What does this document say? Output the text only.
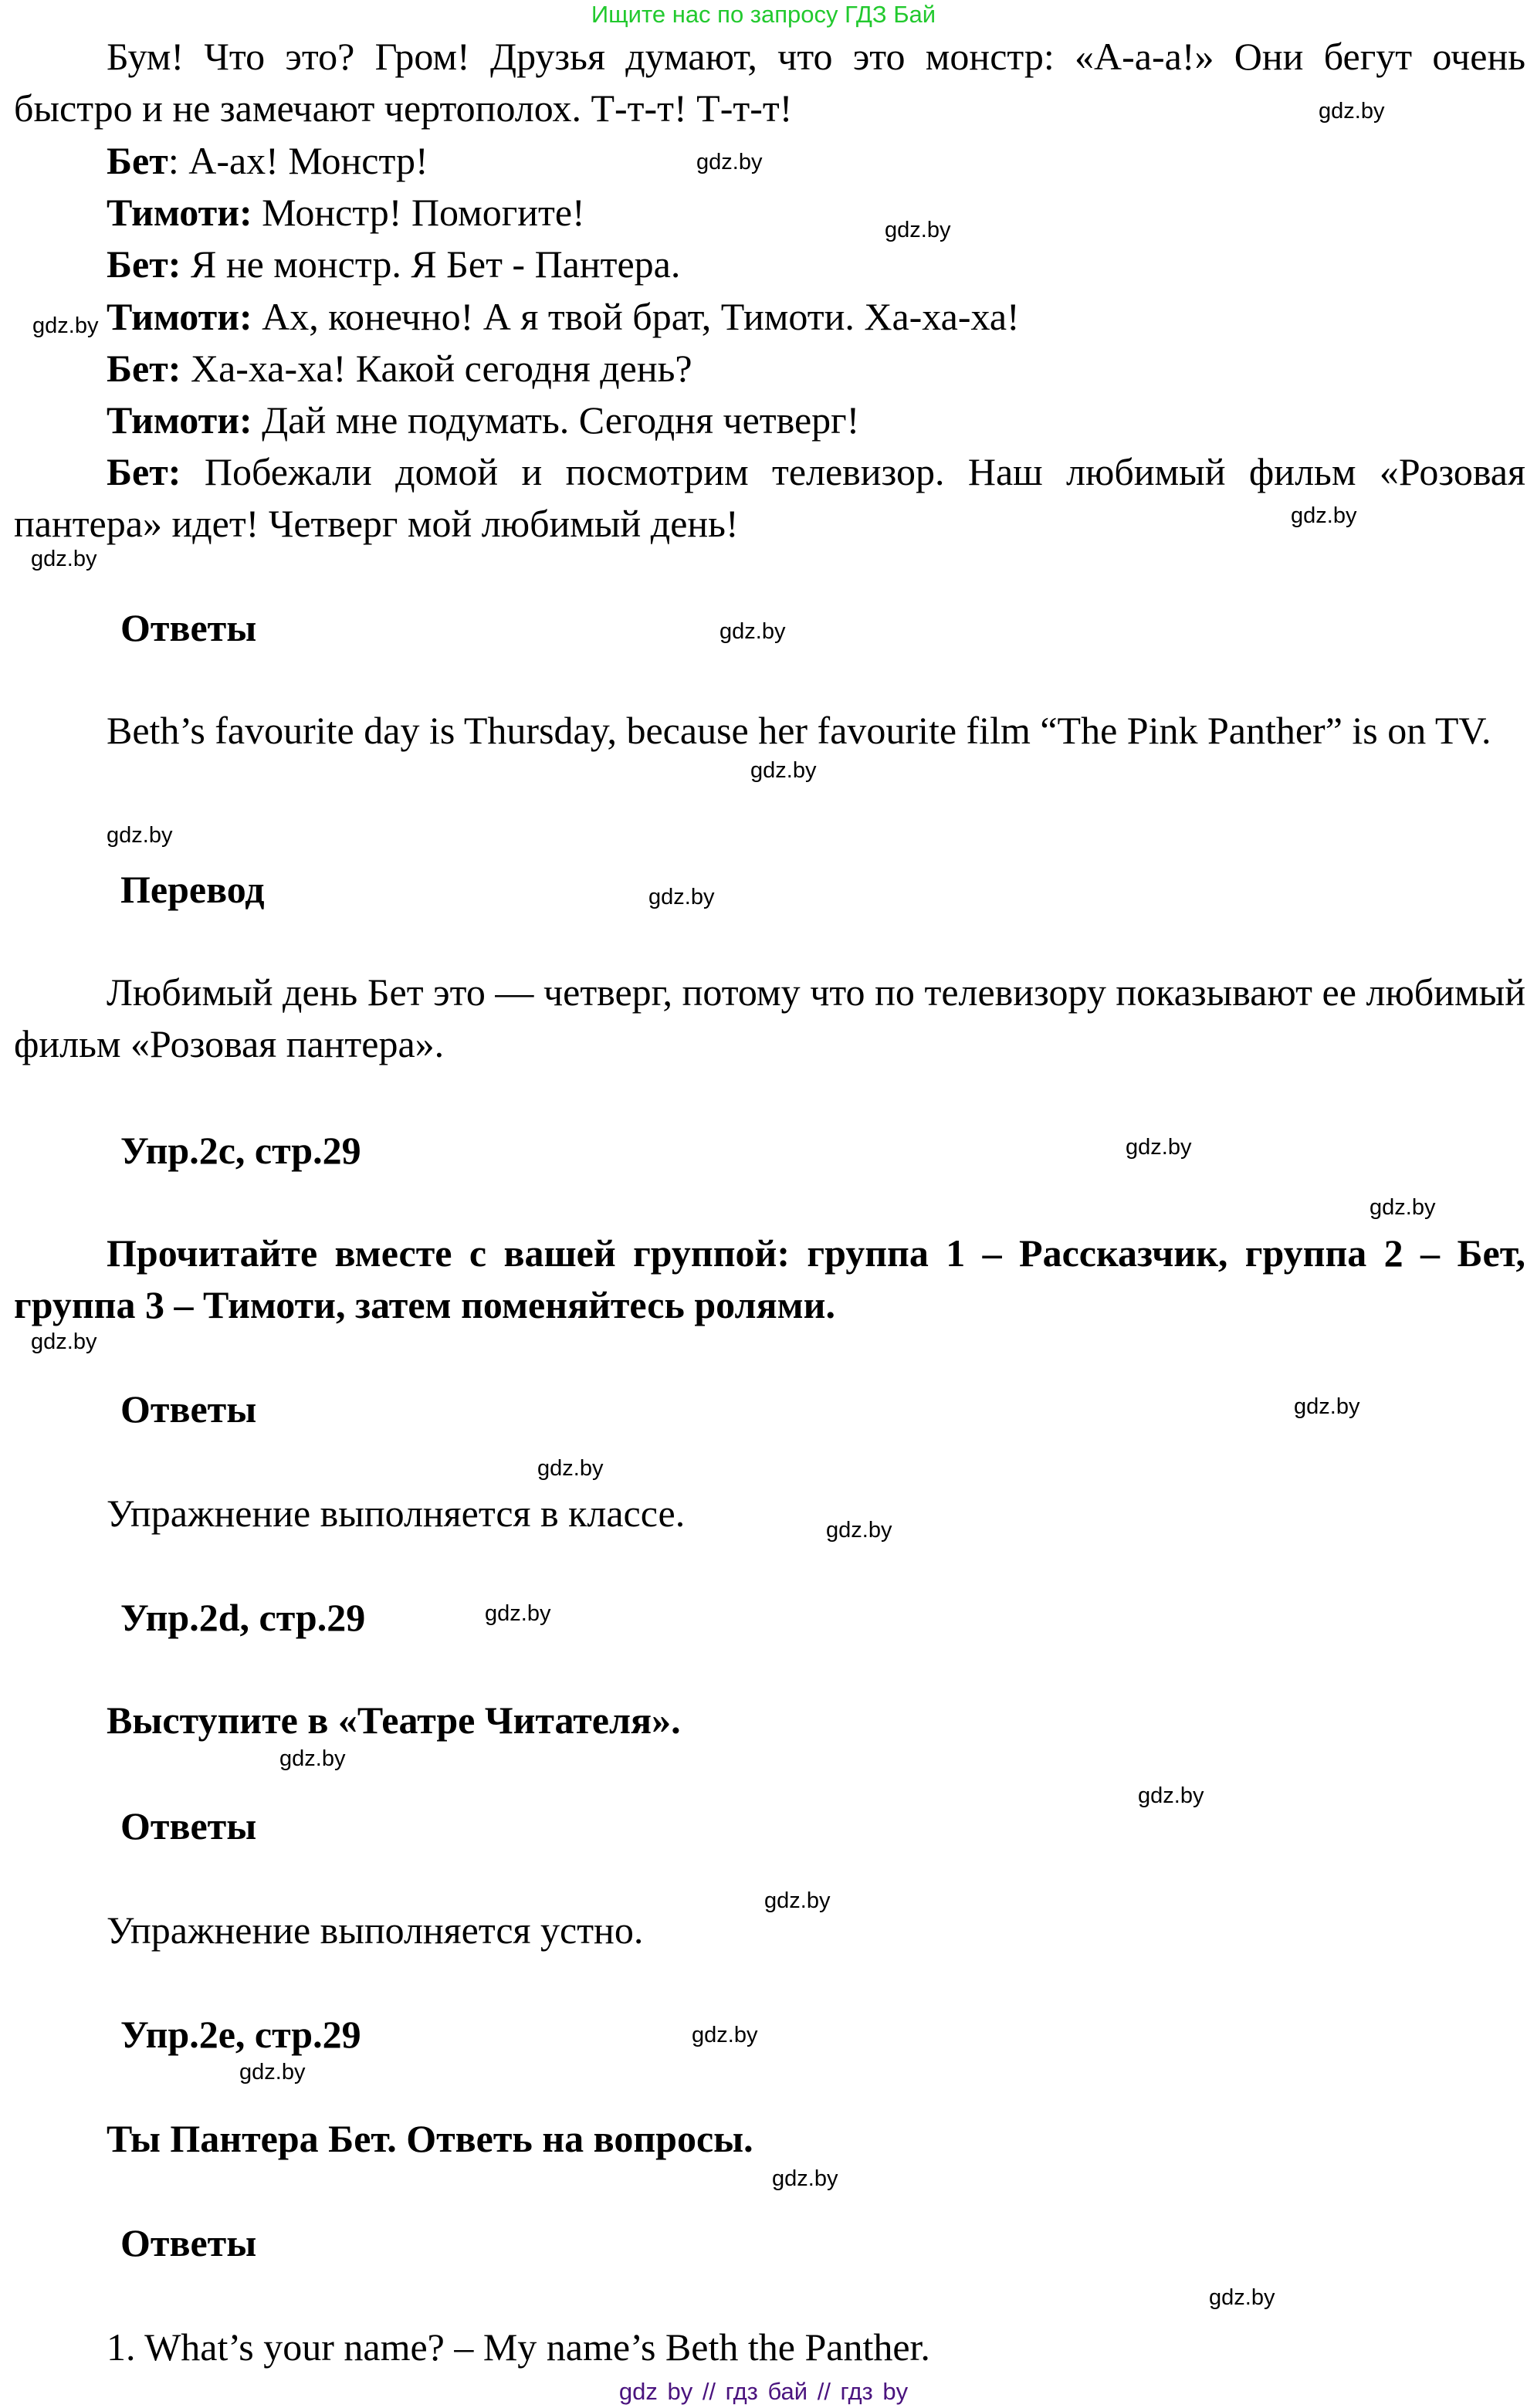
Ищите нас по запросу ГДЗ Бай
Бум! Что это? Гром! Друзья думают, что это монстр: «А-а-а!» Они бегут очень быстро и не замечают чертополох. Т-т-т! Т-т-т!
Бет: А-ах! Монстр!
Тимоти: Монстр! Помогите!
Бет: Я не монстр. Я Бет - Пантера.
Тимоти: Ах, конечно! А я твой брат, Тимоти. Ха-ха-ха!
Бет: Ха-ха-ха! Какой сегодня день?
Тимоти: Дай мне подумать. Сегодня четверг!
Бет: Побежали домой и посмотрим телевизор. Наш любимый фильм «Розовая пантера» идет! Четверг мой любимый день!
Ответы
Beth’s favourite day is Thursday, because her favourite film “The Pink Panther” is on TV.
Перевод
Любимый день Бет это — четверг, потому что по телевизору показывают ее любимый фильм «Розовая пантера».
Упр.2с, стр.29
Прочитайте вместе с вашей группой: группа 1 – Рассказчик, группа 2 – Бет, группа 3 – Тимоти, затем поменяйтесь ролями.
Ответы
Упражнение выполняется в классе.
Упр.2d, стр.29
Выступите в «Театре Читателя».
Ответы
Упражнение выполняется устно.
Упр.2e, стр.29
Ты Пантера Бет. Ответь на вопросы.
Ответы
1. What’s your name? – My name’s Beth the Panther.
gdz.by
gdz.by
gdz.by
gdz.by
gdz.by
gdz.by
gdz.by
gdz.by
gdz.by
gdz.by
gdz.by
gdz.by
gdz.by
gdz.by
gdz.by
gdz.by
gdz.by
gdz.by
gdz.by
gdz.by
gdz.by
gdz.by
gdz.by
gdz.by
gdz by // гдз бай // гдз by
